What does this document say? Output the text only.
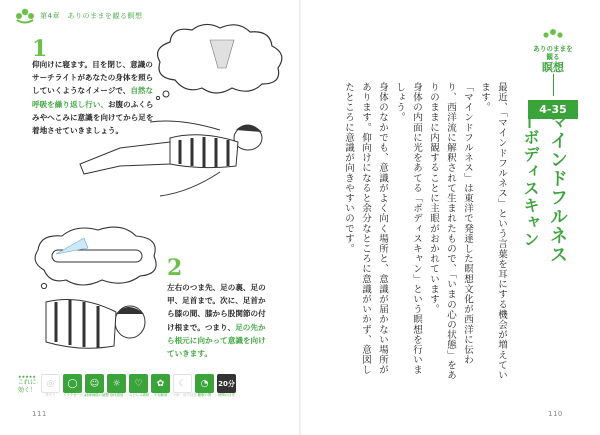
第4章　ありのままを観る瞑想
1
仰向けに寝ます。目を閉じ、意識のサーチライトがあなたの身体を照らしていくようなイメージで、自然な呼吸を繰り返し行い、お腹のふくらみやへこみに意識を向けてから足を着地させていきましょう。
2
左右のつま先、足の裏、足の甲、足首まで。次に、足首から膝の間、膝から股関節の付け根まで。つまり、足の先から根元に向かって意識を向けていきます。
★★★★★
これに効く！
◎
集中力
◯
リラクゼーション
☺
自律神経の調整
☼
身体感覚
♡
ストレス緩和
✿
不安解消
☾
不眠・疲労回復
◔
睡眠の質
20分
時間の目安
111
ありのままを
観る
瞑想
4-35
マインドフルネス
―ボディスキャン

最近、「マインドフルネス」という言葉を耳にする機会が増えています。

「マインドフルネス」は東洋で発達した瞑想文化が西洋に伝わり、西洋流に解釈されて生まれたもので、「いまの心の状態」をありのままに内観することに主眼がおかれています。

身体の内面に光をあてる「ボディスキャン」という瞑想を行いましょう。

身体のなかでも、意識がよく向く場所と、意識が届かない場所があります。仰向けになると余分なところに意識がいかず、意図したところに意識が向きやすいのです。

110
